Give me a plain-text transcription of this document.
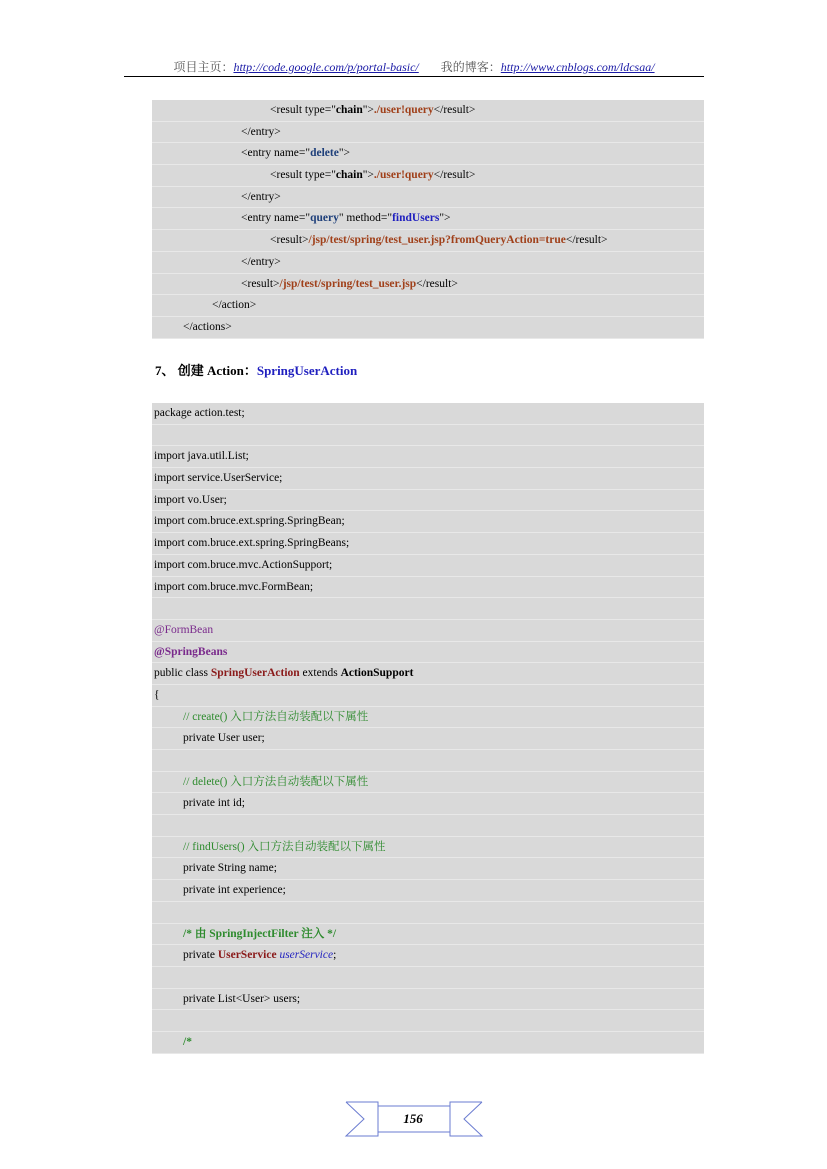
项目主页：http://code.google.com/p/portal-basic/ 我的博客：http://www.cnblogs.com/ldcsaa/
<result type="chain">./user!query</result>
</entry>
<entry name="delete">
<result type="chain">./user!query</result>
</entry>
<entry name="query" method="findUsers">
<result>/jsp/test/spring/test_user.jsp?fromQueryAction=true</result>
</entry>
<result>/jsp/test/spring/test_user.jsp</result>
</action>
</actions>
7、 创建 Action：SpringUserAction
package action.test;
import java.util.List;
import service.UserService;
import vo.User;
import com.bruce.ext.spring.SpringBean;
import com.bruce.ext.spring.SpringBeans;
import com.bruce.mvc.ActionSupport;
import com.bruce.mvc.FormBean;
@FormBean
@SpringBeans
public class SpringUserAction extends ActionSupport
{
// create() 入口方法自动装配以下属性
private User user;
// delete() 入口方法自动装配以下属性
private int id;
// findUsers() 入口方法自动装配以下属性
private String name;
private int experience;
/* 由 SpringInjectFilter 注入 */
private UserService userService;
private List<User> users;
/*
156
